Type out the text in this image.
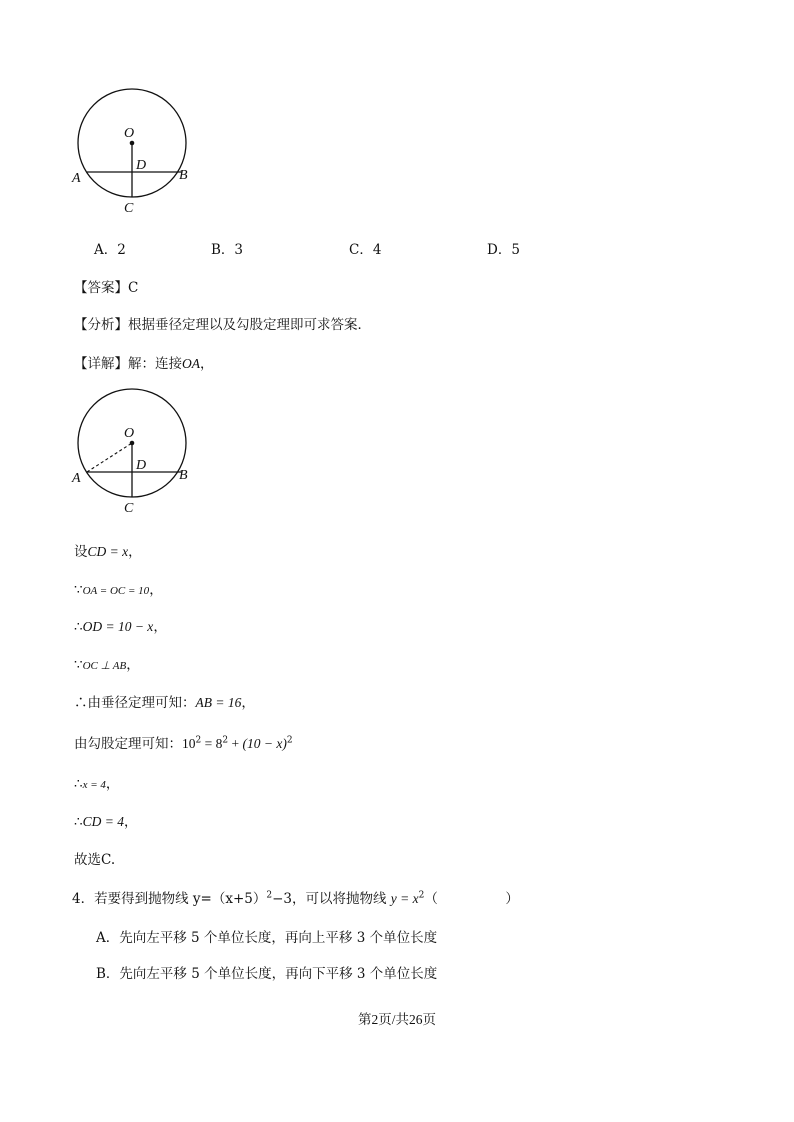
O
D
A	B
C
A．2	B．3	C．4	D．5
【答案】C
【分析】根据垂径定理以及勾股定理即可求答案．
【详解】解：连接OA，
O
D
A	B
C
设CD = x，
∵OA = OC = 10，
∴OD = 10 − x，
∵OC ⊥ AB，
∴由垂径定理可知：AB = 16，
由勾股定理可知：$10^2 = 8^2 + (10 - x)^2$
∴x = 4，
∴CD = 4，
故选C.
4．若要得到抛物线 $y=(x+5)^2-3$，可以将抛物线 $y = x^2$（　　　　　）
A．先向左平移 5 个单位长度，再向上平移 3 个单位长度
B．先向左平移 5 个单位长度，再向下平移 3 个单位长度
第2页/共26页
